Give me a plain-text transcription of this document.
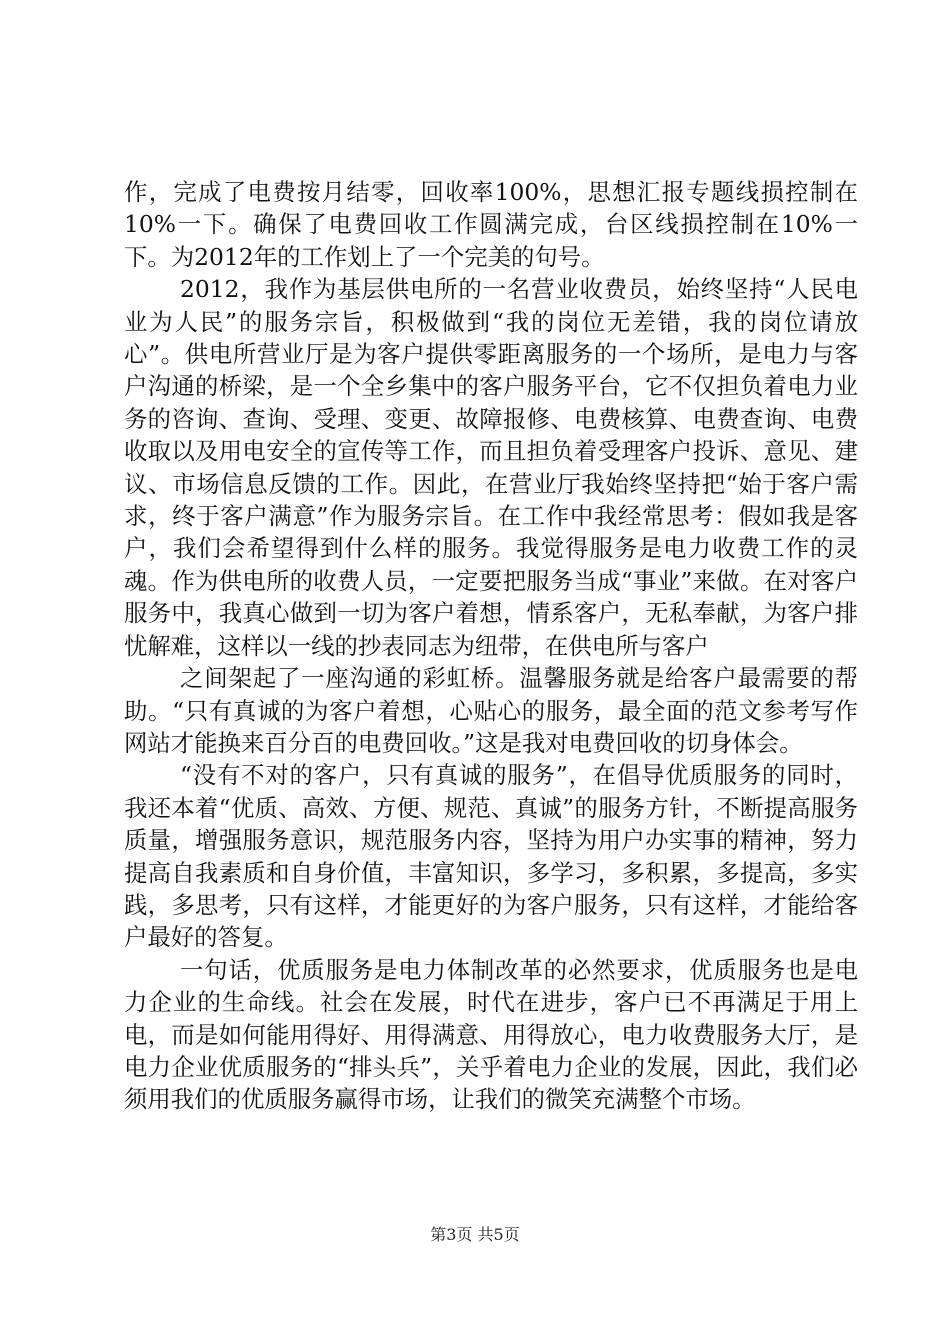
作，完成了电费按月结零，回收率100%，思想汇报专题线损控制在10%一下。确保了电费回收工作圆满完成，台区线损控制在10%一下。为2012年的工作划上了一个完美的句号。

2012，我作为基层供电所的一名营业收费员，始终坚持“人民电业为人民”的服务宗旨，积极做到“我的岗位无差错，我的岗位请放心”。供电所营业厅是为客户提供零距离服务的一个场所，是电力与客户沟通的桥梁，是一个全乡集中的客户服务平台，它不仅担负着电力业务的咨询、查询、受理、变更、故障报修、电费核算、电费查询、电费收取以及用电安全的宣传等工作，而且担负着受理客户投诉、意见、建议、市场信息反馈的工作。因此，在营业厅我始终坚持把“始于客户需求，终于客户满意”作为服务宗旨。在工作中我经常思考：假如我是客户，我们会希望得到什么样的服务。我觉得服务是电力收费工作的灵魂。作为供电所的收费人员，一定要把服务当成“事业”来做。在对客户服务中，我真心做到一切为客户着想，情系客户，无私奉献，为客户排忧解难，这样以一线的抄表同志为纽带，在供电所与客户

之间架起了一座沟通的彩虹桥。温馨服务就是给客户最需要的帮助。“只有真诚的为客户着想，心贴心的服务，最全面的范文参考写作网站才能换来百分百的电费回收。”这是我对电费回收的切身体会。

“没有不对的客户，只有真诚的服务”，在倡导优质服务的同时，我还本着“优质、高效、方便、规范、真诚”的服务方针，不断提高服务质量，增强服务意识，规范服务内容，坚持为用户办实事的精神，努力提高自我素质和自身价值，丰富知识，多学习，多积累，多提高，多实践，多思考，只有这样，才能更好的为客户服务，只有这样，才能给客户最好的答复。

一句话，优质服务是电力体制改革的必然要求，优质服务也是电力企业的生命线。社会在发展，时代在进步，客户已不再满足于用上电，而是如何能用得好、用得满意、用得放心，电力收费服务大厅，是电力企业优质服务的“排头兵”，关乎着电力企业的发展，因此，我们必须用我们的优质服务赢得市场，让我们的微笑充满整个市场。

第3页 共5页
